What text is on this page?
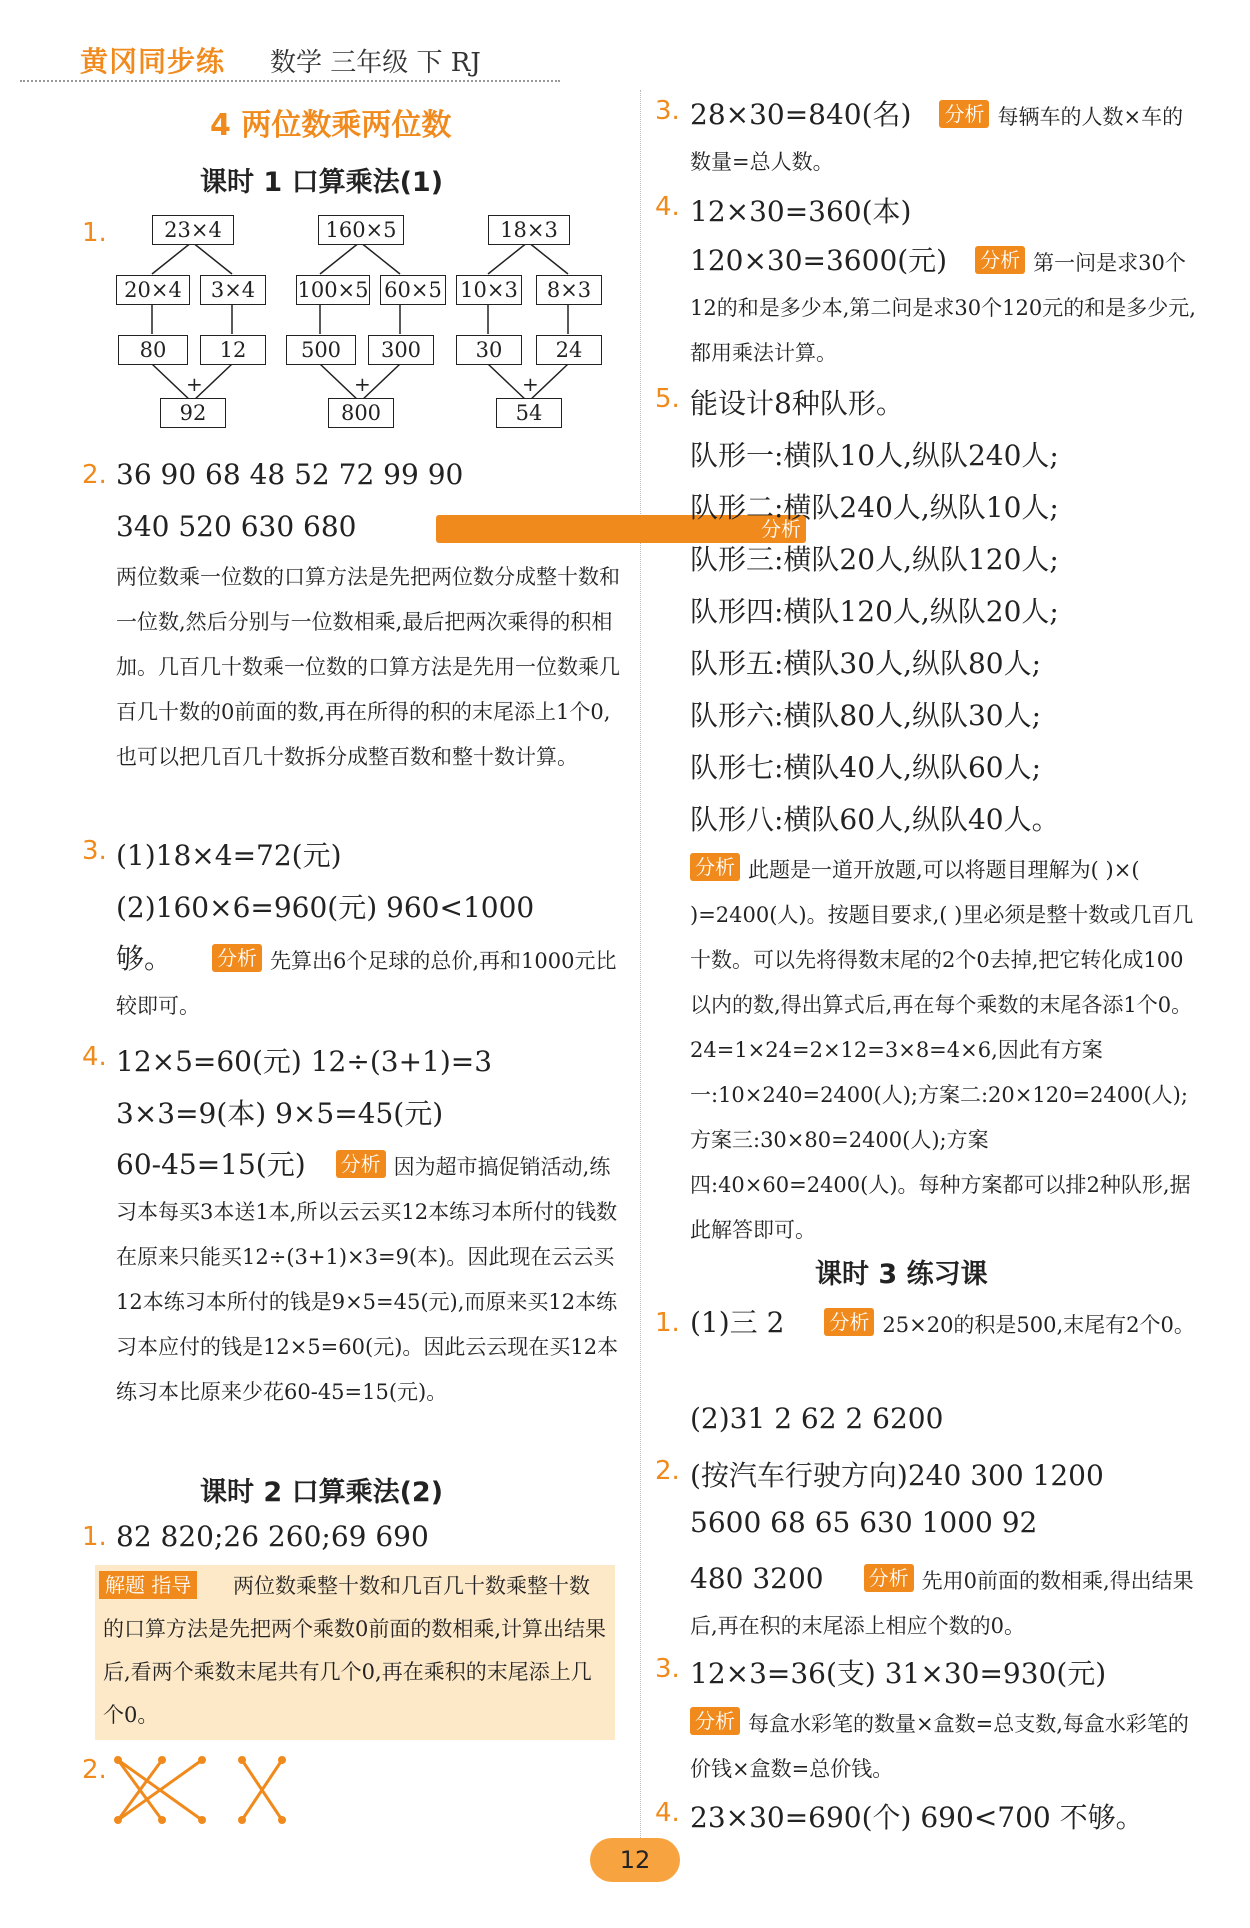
黄冈同步练 数学 三年级 下 RJ
4 两位数乘两位数
课时 1 口算乘法(1)
1.	23×4
20×4	3×4
80	12
+
92
160×5
100×5 60×5
500	300
+
800
18×3
10×3	8×3
30	24
+
54
2. 36 90 68 48 52 72 99 90
340 520 630 680	分析两位数乘一位数的口算方法是先把两位数分成整十数和一位数,然后分别与一位数相乘,最后把两次乘得的积相加。几百几十数乘一位数的口算方法是先用一位数乘几百几十数的0前面的数,再在所得的积的末尾添上1个0,也可以把几百几十数拆分成整百数和整十数计算。
3. (1)18×4=72(元)
(2)160×6=960(元) 960<1000
够。 分析 先算出6个足球的总价,再和1000元比较即可。
4. 12×5=60(元) 12÷(3+1)=3
3×3=9(本) 9×5=45(元)
60-45=15(元) 分析 因为超市搞促销活动,练习本每买3本送1本,所以云云买12本练习本所付的钱数在原来只能买12÷(3+1)×3=9(本)。因此现在云云买12本练习本所付的钱是9×5=45(元),而原来买12本练习本应付的钱是12×5=60(元)。因此云云现在买12本练习本比原来少花60-45=15(元)。
课时 2 口算乘法(2)
1. 82 820;26 260;69 690
解题 指导	两位数乘整十数和几百几十数乘整十数的口算方法是先把两个乘数0前面的数相乘,计算出结果后,看两个乘数末尾共有几个0,再在乘积的末尾添上几个0。
2.
3. 28×30=840(名) 分析 每辆车的人数×车的数量=总人数。
4. 12×30=360(本)
120×30=3600(元) 分析 第一问是求30个12的和是多少本,第二问是求30个120元的和是多少元,都用乘法计算。
5. 能设计8种队形。
队形一:横队10人,纵队240人;
队形二:横队240人,纵队10人;
队形三:横队20人,纵队120人;
队形四:横队120人,纵队20人;
队形五:横队30人,纵队80人;
队形六:横队80人,纵队30人;
队形七:横队40人,纵队60人;
队形八:横队60人,纵队40人。
分析 此题是一道开放题,可以将题目理解为( )×( )=2400(人)。按题目要求,( )里必须是整十数或几百几十数。可以先将得数末尾的2个0去掉,把它转化成100以内的数,得出算式后,再在每个乘数的末尾各添1个0。24=1×24=2×12=3×8=4×6,因此有方案一:10×240=2400(人);方案二:20×120=2400(人);方案三:30×80=2400(人);方案四:40×60=2400(人)。每种方案都可以排2种队形,据此解答即可。
课时 3 练习课
1. (1)三 2 分析 25×20的积是500,末尾有2个0。
(2)31 2 62 2 6200
2. (按汽车行驶方向)240 300 1200
5600 68 65 630 1000 92
480 3200 分析 先用0前面的数相乘,得出结果后,再在积的末尾添上相应个数的0。
3. 12×3=36(支) 31×30=930(元)
分析 每盒水彩笔的数量×盒数=总支数,每盒水彩笔的价钱×盒数=总价钱。
4. 23×30=690(个) 690<700 不够。
12
